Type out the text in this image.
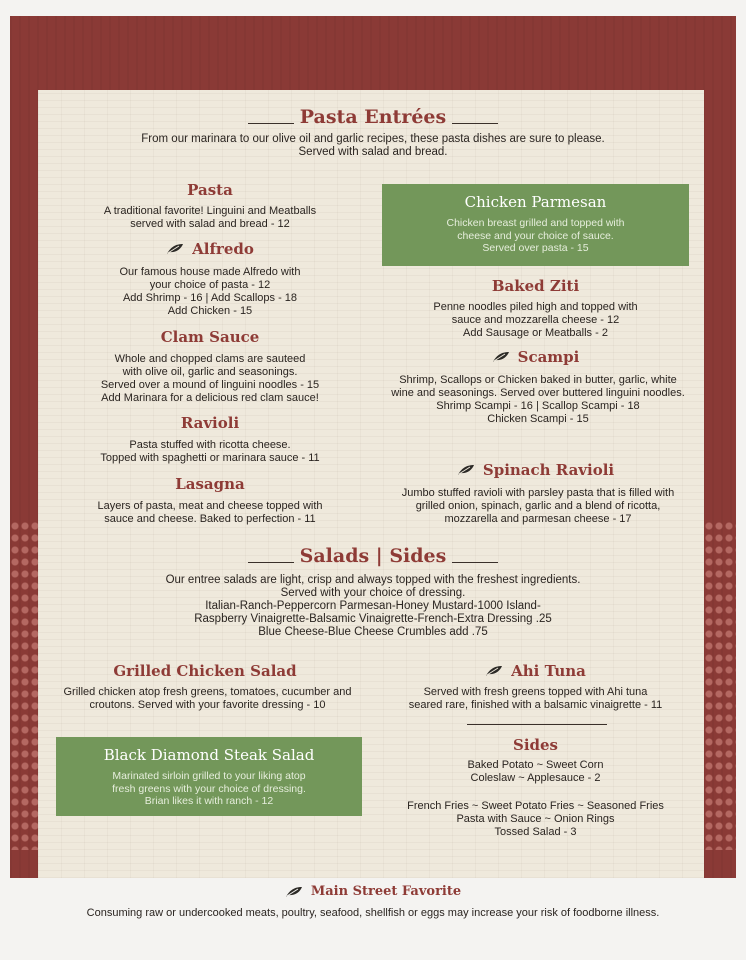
Pasta Entrées
From our marinara to our olive oil and garlic recipes, these pasta dishes are sure to please.
Served with salad and bread.
Pasta
A traditional favorite! Linguini and Meatballs
served with salad and bread - 12
Alfredo
Our famous house made Alfredo with
your choice of pasta - 12
Add Shrimp - 16 | Add Scallops - 18
Add Chicken - 15
Clam Sauce
Whole and chopped clams are sauteed
with olive oil, garlic and seasonings.
Served over a mound of linguini noodles - 15
Add Marinara for a delicious red clam sauce!
Ravioli
Pasta stuffed with ricotta cheese.
Topped with spaghetti or marinara sauce - 11
Lasagna
Layers of pasta, meat and cheese topped with
sauce and cheese. Baked to perfection - 11
Chicken Parmesan
Chicken breast grilled and topped with
cheese and your choice of sauce.
Served over pasta - 15
Baked Ziti
Penne noodles piled high and topped with
sauce and mozzarella cheese - 12
Add Sausage or Meatballs - 2
Scampi
Shrimp, Scallops or Chicken baked in butter, garlic, white
wine and seasonings. Served over buttered linguini noodles.
Shrimp Scampi - 16 | Scallop Scampi - 18
Chicken Scampi - 15
Spinach Ravioli
Jumbo stuffed ravioli with parsley pasta that is filled with
grilled onion, spinach, garlic and a blend of ricotta,
mozzarella and parmesan cheese - 17
Salads | Sides
Our entree salads are light, crisp and always topped with the freshest ingredients.
Served with your choice of dressing.
Italian-Ranch-Peppercorn Parmesan-Honey Mustard-1000 Island-
Raspberry Vinaigrette-Balsamic Vinaigrette-French-Extra Dressing .25
Blue Cheese-Blue Cheese Crumbles add .75
Grilled Chicken Salad
Grilled chicken atop fresh greens, tomatoes, cucumber and
croutons. Served with your favorite dressing - 10
Ahi Tuna
Served with fresh greens topped with Ahi tuna
seared rare, finished with a balsamic vinaigrette - 11
Black Diamond Steak Salad
Marinated sirloin grilled to your liking atop
fresh greens with your choice of dressing.
Brian likes it with ranch - 12
Sides
Baked Potato ~ Sweet Corn
Coleslaw ~ Applesauce - 2
French Fries ~ Sweet Potato Fries ~ Seasoned Fries
Pasta with Sauce ~ Onion Rings
Tossed Salad - 3
Main Street Favorite
Consuming raw or undercooked meats, poultry, seafood, shellfish or eggs may increase your risk of foodborne illness.
